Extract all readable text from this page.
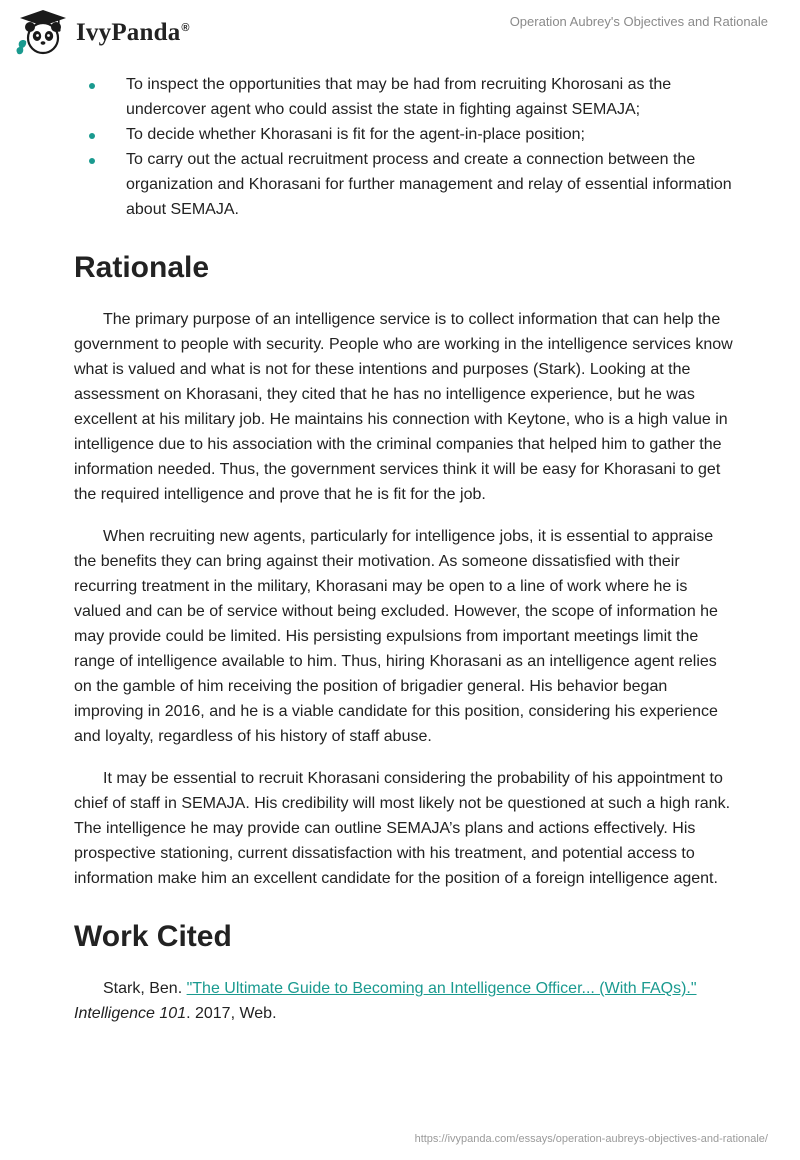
IvyPanda®	Operation Aubrey's Objectives and Rationale
To inspect the opportunities that may be had from recruiting Khorosani as the undercover agent who could assist the state in fighting against SEMAJA;
To decide whether Khorasani is fit for the agent-in-place position;
To carry out the actual recruitment process and create a connection between the organization and Khorasani for further management and relay of essential information about SEMAJA.
Rationale

The primary purpose of an intelligence service is to collect information that can help the government to people with security. People who are working in the intelligence services know what is valued and what is not for these intentions and purposes (Stark). Looking at the assessment on Khorasani, they cited that he has no intelligence experience, but he was excellent at his military job. He maintains his connection with Keytone, who is a high value in intelligence due to his association with the criminal companies that helped him to gather the information needed. Thus, the government services think it will be easy for Khorasani to get the required intelligence and prove that he is fit for the job.

When recruiting new agents, particularly for intelligence jobs, it is essential to appraise the benefits they can bring against their motivation. As someone dissatisfied with their recurring treatment in the military, Khorasani may be open to a line of work where he is valued and can be of service without being excluded. However, the scope of information he may provide could be limited. His persisting expulsions from important meetings limit the range of intelligence available to him. Thus, hiring Khorasani as an intelligence agent relies on the gamble of him receiving the position of brigadier general. His behavior began improving in 2016, and he is a viable candidate for this position, considering his experience and loyalty, regardless of his history of staff abuse.

It may be essential to recruit Khorasani considering the probability of his appointment to chief of staff in SEMAJA. His credibility will most likely not be questioned at such a high rank. The intelligence he may provide can outline SEMAJA’s plans and actions effectively. His prospective stationing, current dissatisfaction with his treatment, and potential access to information make him an excellent candidate for the position of a foreign intelligence agent.

Work Cited

Stark, Ben. "The Ultimate Guide to Becoming an Intelligence Officer... (With FAQs)." Intelligence 101. 2017, Web.

https://ivypanda.com/essays/operation-aubreys-objectives-and-rationale/
